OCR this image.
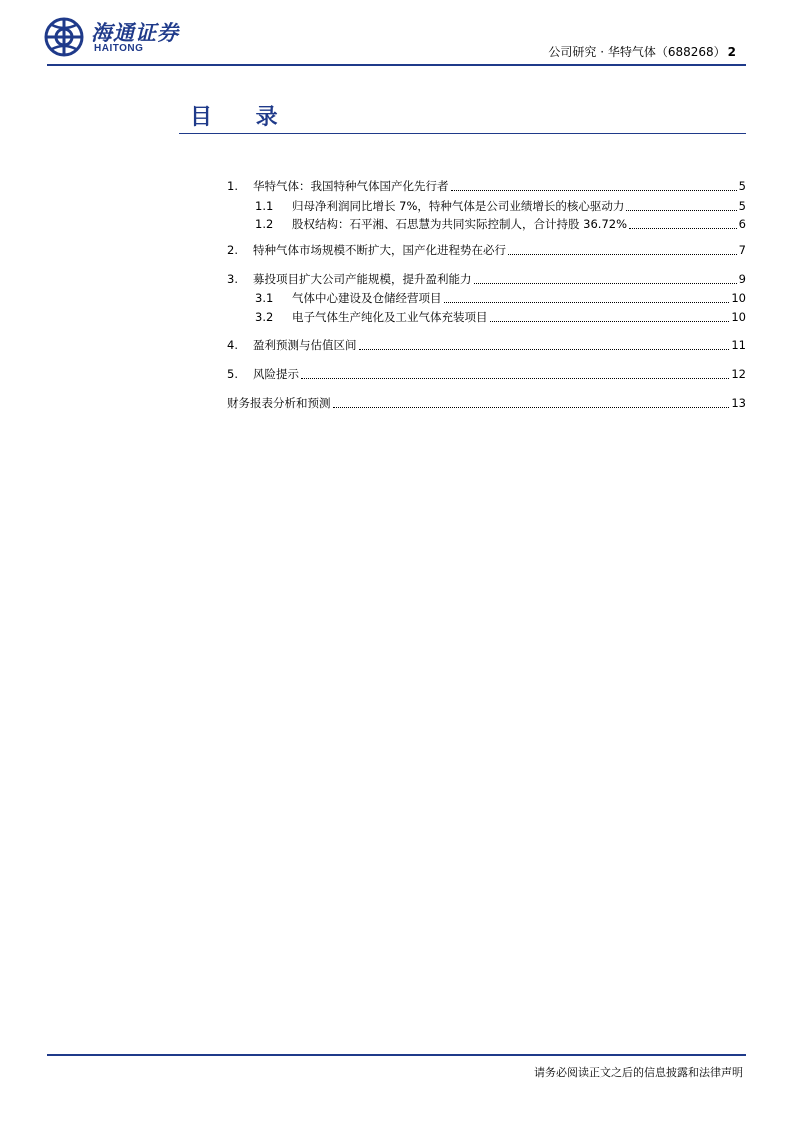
海通证券
HAITONG	公司研究 · 华特气体（688268） 2
目 录
1.	华特气体：我国特种气体国产化先行者	5
1.1	归母净利润同比增长 7%，特种气体是公司业绩增长的核心驱动力	5
1.2	股权结构：石平湘、石思慧为共同实际控制人，合计持股 36.72%	6
2.	特种气体市场规模不断扩大，国产化进程势在必行	7
3.	募投项目扩大公司产能规模，提升盈利能力	9
3.1	气体中心建设及仓储经营项目	10
3.2	电子气体生产纯化及工业气体充装项目	10
4.	盈利预测与估值区间	11
5.	风险提示	12
财务报表分析和预测	13
请务必阅读正文之后的信息披露和法律声明
